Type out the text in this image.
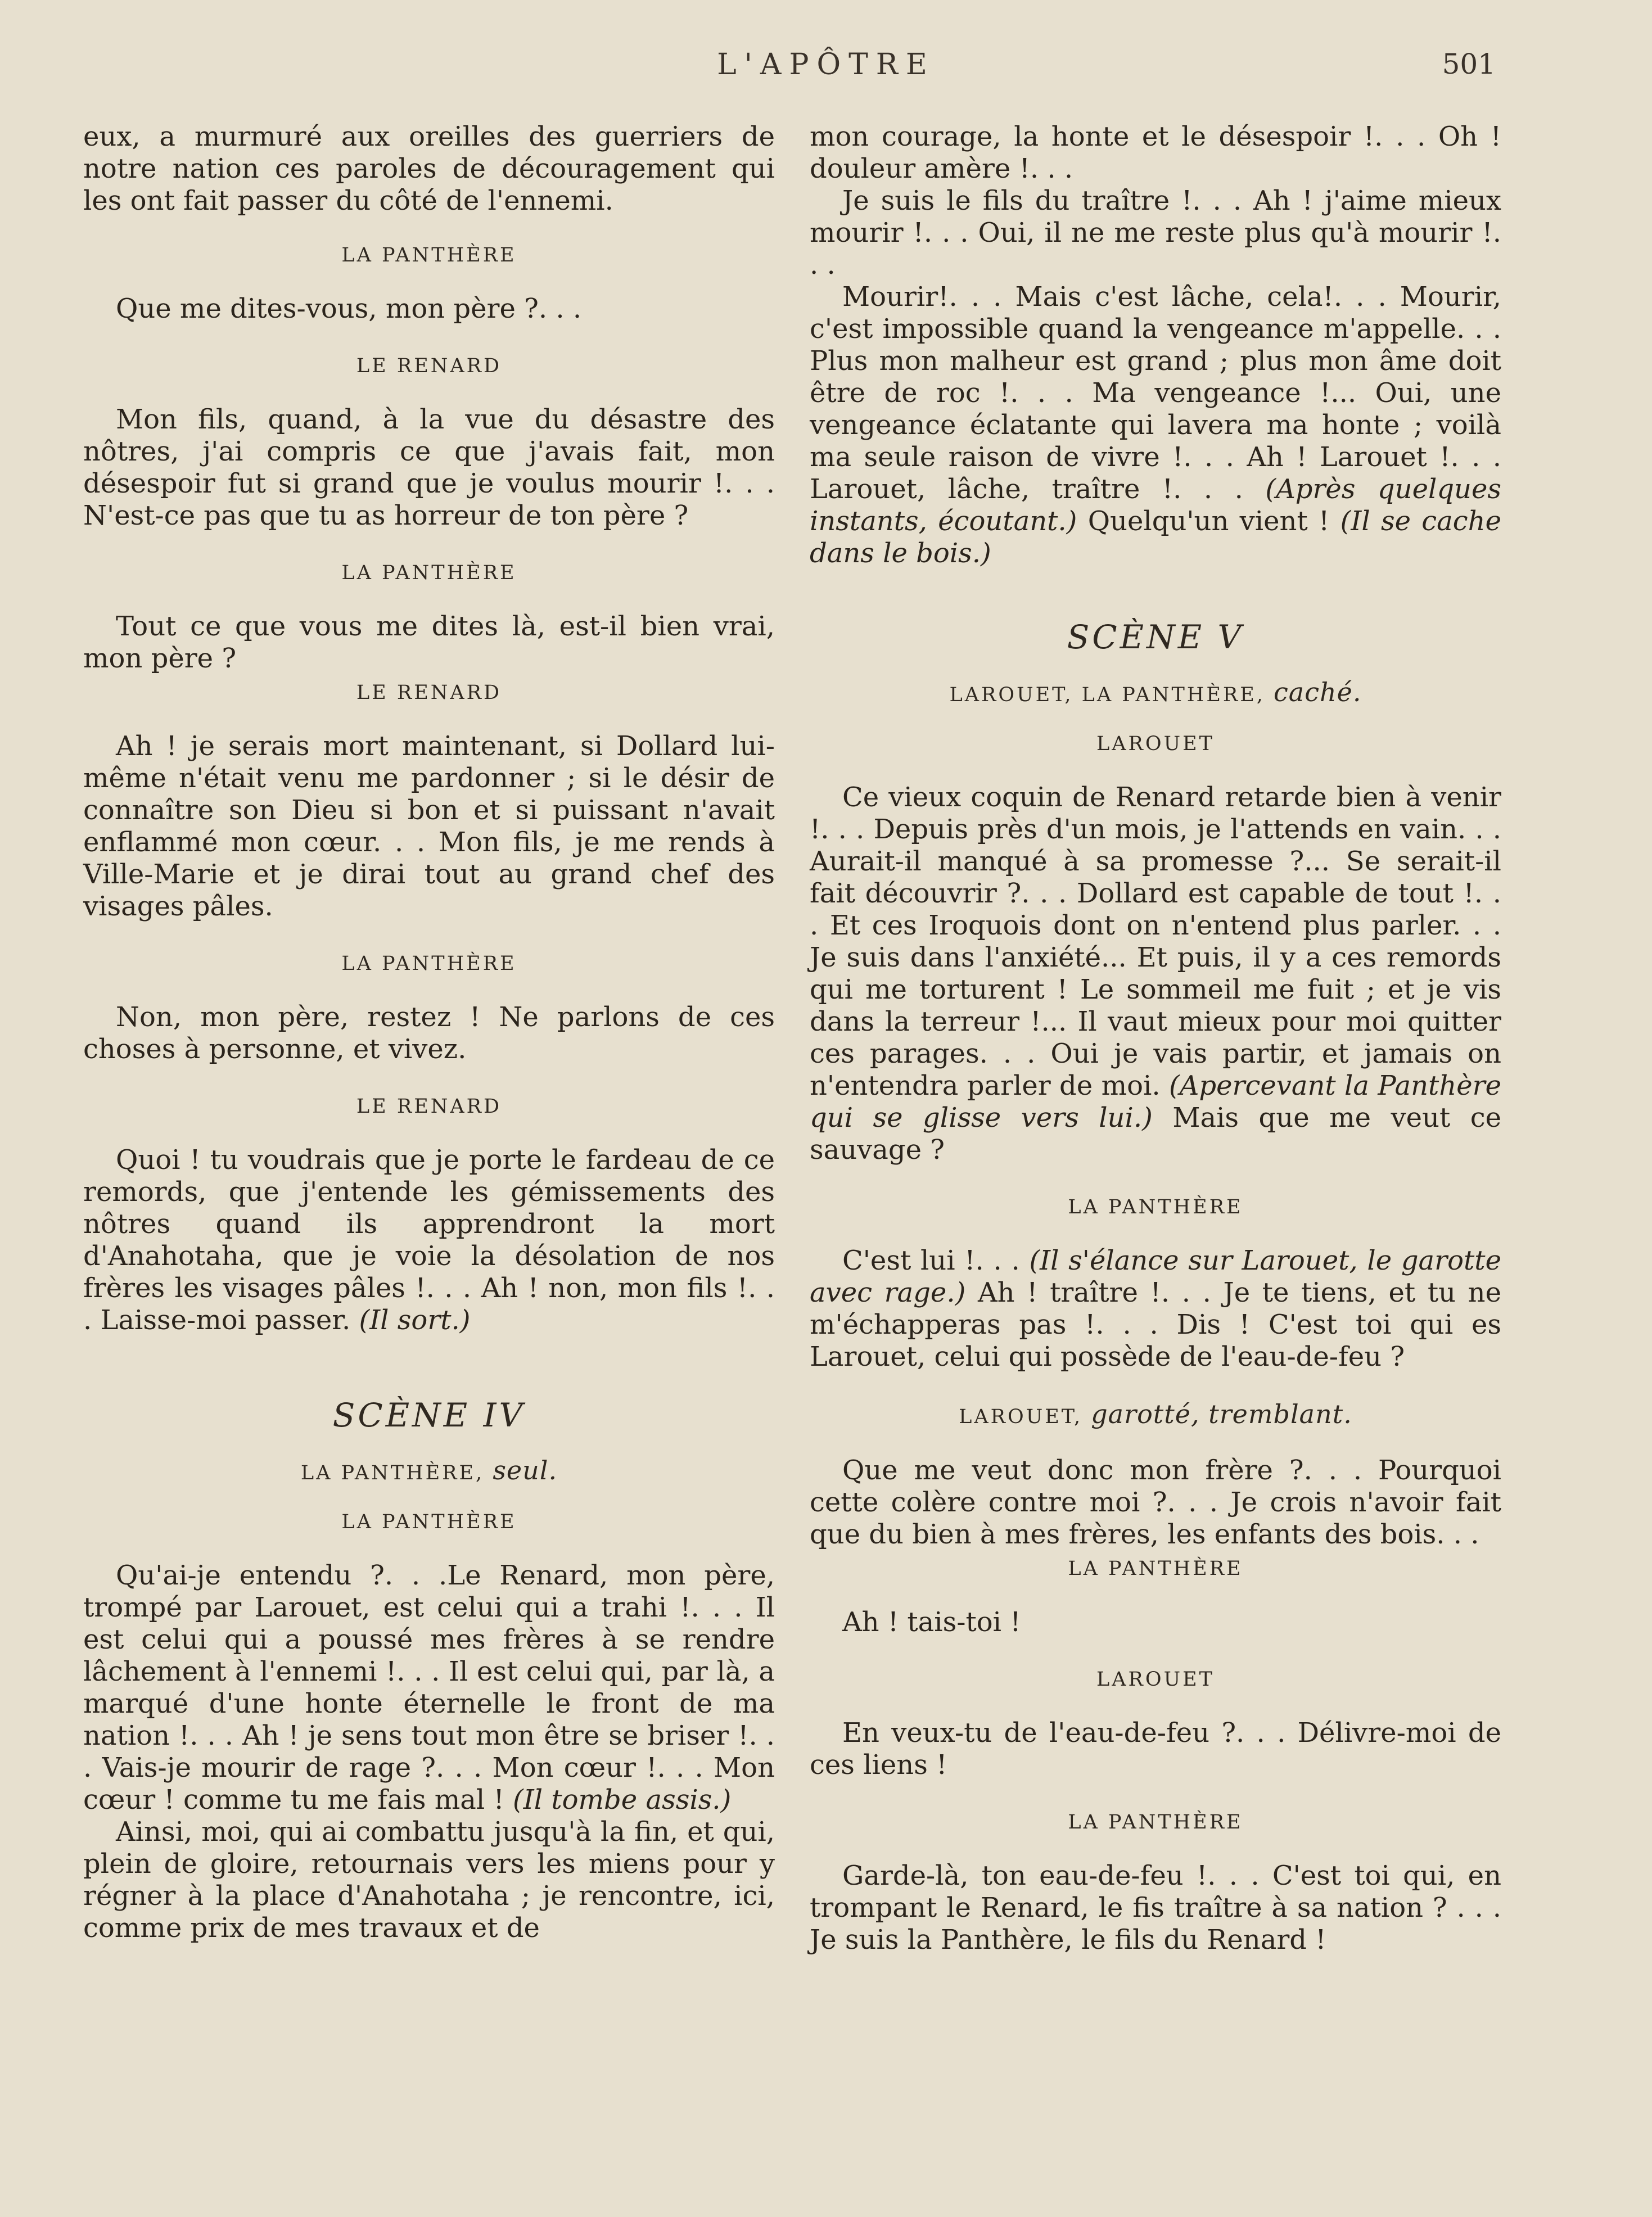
L'APÔTRE	501

eux, a murmuré aux oreilles des guerriers de notre nation ces paroles de découragement qui les ont fait passer du côté de l'ennemi.

LA PANTHÈRE

Que me dites-vous, mon père ?. . .

LE RENARD

Mon fils, quand, à la vue du désastre des nôtres, j'ai compris ce que j'avais fait, mon désespoir fut si grand que je voulus mourir !. . . N'est-ce pas que tu as horreur de ton père ?

LA PANTHÈRE

Tout ce que vous me dites là, est-il bien vrai, mon père ?

LE RENARD

Ah ! je serais mort maintenant, si Dollard lui-même n'était venu me pardonner ; si le désir de connaître son Dieu si bon et si puissant n'avait enflammé mon cœur. . . Mon fils, je me rends à Ville-Marie et je dirai tout au grand chef des visages pâles.

LA PANTHÈRE

Non, mon père, restez ! Ne parlons de ces choses à personne, et vivez.

LE RENARD

Quoi ! tu voudrais que je porte le fardeau de ce remords, que j'entende les gémissements des nôtres quand ils apprendront la mort d'Anahotaha, que je voie la désolation de nos frères les visages pâles !. . . Ah ! non, mon fils !. . . Laisse-moi passer. (Il sort.)

SCÈNE IV

LA PANTHÈRE, seul.

LA PANTHÈRE

Qu'ai-je entendu ?. . .Le Renard, mon père, trompé par Larouet, est celui qui a trahi !. . . Il est celui qui a poussé mes frères à se rendre lâchement à l'ennemi !. . . Il est celui qui, par là, a marqué d'une honte éternelle le front de ma nation !. . . Ah ! je sens tout mon être se briser !. . . Vais-je mourir de rage ?. . . Mon cœur !. . . Mon cœur ! comme tu me fais mal ! (Il tombe assis.)

Ainsi, moi, qui ai combattu jusqu'à la fin, et qui, plein de gloire, retournais vers les miens pour y régner à la place d'Anahotaha ; je rencontre, ici, comme prix de mes travaux et de

mon courage, la honte et le désespoir !. . . Oh ! douleur amère !. . .

Je suis le fils du traître !. . . Ah ! j'aime mieux mourir !. . . Oui, il ne me reste plus qu'à mourir !. . .

Mourir!. . . Mais c'est lâche, cela!. . . Mourir, c'est impossible quand la vengeance m'appelle. . . Plus mon malheur est grand ; plus mon âme doit être de roc !. . . Ma vengeance !... Oui, une vengeance éclatante qui lavera ma honte ; voilà ma seule raison de vivre !. . . Ah ! Larouet !. . . Larouet, lâche, traître !. . . (Après quelques instants, écoutant.) Quelqu'un vient ! (Il se cache dans le bois.)

SCÈNE V

LAROUET, LA PANTHÈRE, caché.

LAROUET

Ce vieux coquin de Renard retarde bien à venir !. . . Depuis près d'un mois, je l'attends en vain. . . Aurait-il manqué à sa promesse ?... Se serait-il fait découvrir ?. . . Dollard est capable de tout !. . . Et ces Iroquois dont on n'entend plus parler. . . Je suis dans l'anxiété... Et puis, il y a ces remords qui me torturent ! Le sommeil me fuit ; et je vis dans la terreur !... Il vaut mieux pour moi quitter ces parages. . . Oui je vais partir, et jamais on n'entendra parler de moi. (Apercevant la Panthère qui se glisse vers lui.) Mais que me veut ce sauvage ?

LA PANTHÈRE

C'est lui !. . . (Il s'élance sur Larouet, le garotte avec rage.) Ah ! traître !. . . Je te tiens, et tu ne m'échapperas pas !. . . Dis ! C'est toi qui es Larouet, celui qui possède de l'eau-de-feu ?

LAROUET, garotté, tremblant.

Que me veut donc mon frère ?. . . Pourquoi cette colère contre moi ?. . . Je crois n'avoir fait que du bien à mes frères, les enfants des bois. . .

LA PANTHÈRE

Ah ! tais-toi !

LAROUET

En veux-tu de l'eau-de-feu ?. . . Délivre-moi de ces liens !

LA PANTHÈRE

Garde-là, ton eau-de-feu !. . . C'est toi qui, en trompant le Renard, le fis traître à sa nation ? . . . Je suis la Panthère, le fils du Renard !
